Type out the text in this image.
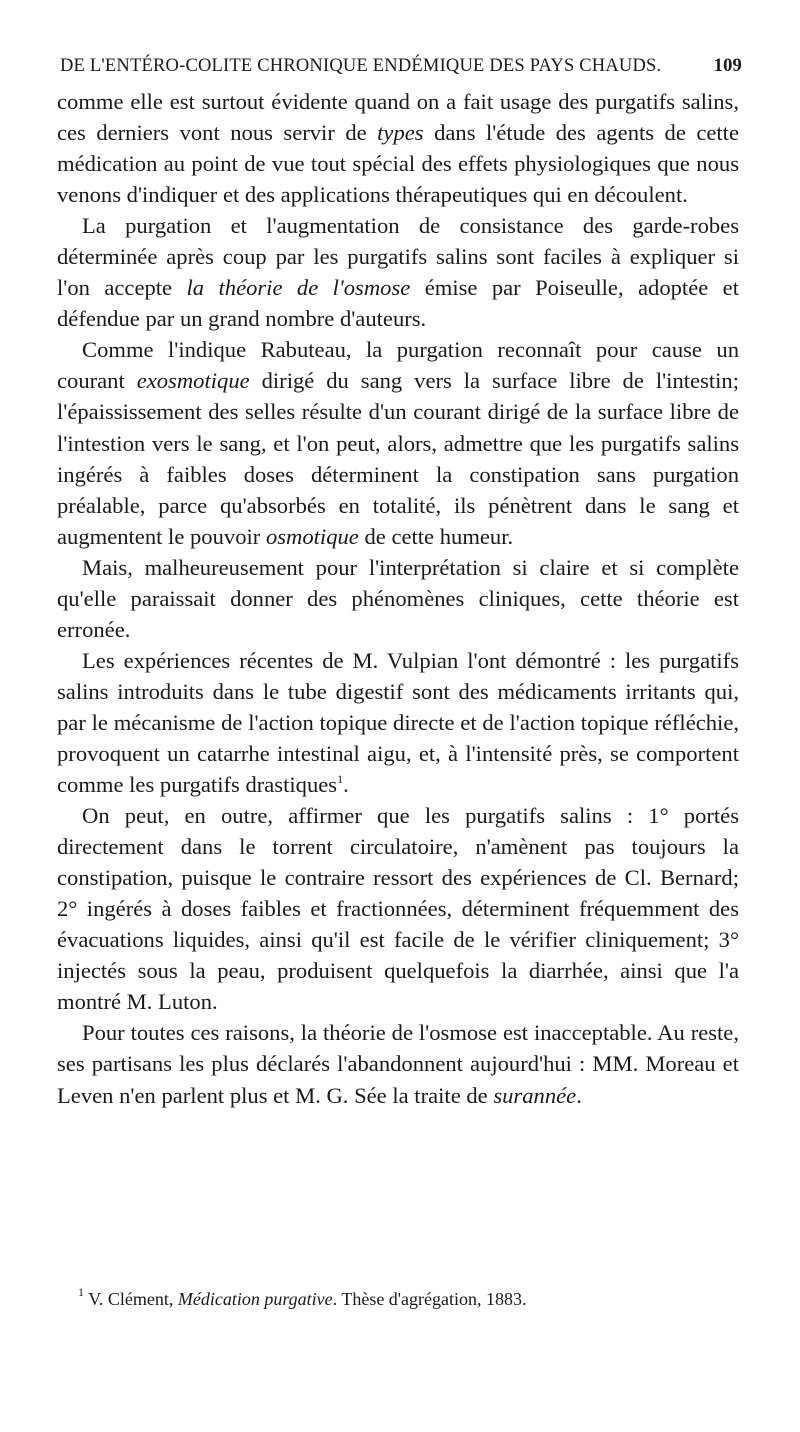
DE L'ENTÉRO-COLITE CHRONIQUE ENDÉMIQUE DES PAYS CHAUDS.	109

comme elle est surtout évidente quand on a fait usage des purgatifs salins, ces derniers vont nous servir de types dans l'étude des agents de cette médication au point de vue tout spécial des effets physiologiques que nous venons d'indiquer et des applications thérapeutiques qui en découlent.

La purgation et l'augmentation de consistance des garde-robes déterminée après coup par les purgatifs salins sont faciles à expliquer si l'on accepte la théorie de l'osmose émise par Poiseulle, adoptée et défendue par un grand nombre d'auteurs.

Comme l'indique Rabuteau, la purgation reconnaît pour cause un courant exosmotique dirigé du sang vers la surface libre de l'intestin; l'épaississement des selles résulte d'un courant dirigé de la surface libre de l'intestion vers le sang, et l'on peut, alors, admettre que les purgatifs salins ingérés à faibles doses déterminent la constipation sans purgation préalable, parce qu'absorbés en totalité, ils pénètrent dans le sang et augmentent le pouvoir osmotique de cette humeur.

Mais, malheureusement pour l'interprétation si claire et si complète qu'elle paraissait donner des phénomènes cliniques, cette théorie est erronée.

Les expériences récentes de M. Vulpian l'ont démontré : les purgatifs salins introduits dans le tube digestif sont des médicaments irritants qui, par le mécanisme de l'action topique directe et de l'action topique réfléchie, provoquent un catarrhe intestinal aigu, et, à l'intensité près, se comportent comme les purgatifs drastiques$^1$.

On peut, en outre, affirmer que les purgatifs salins : 1° portés directement dans le torrent circulatoire, n'amènent pas toujours la constipation, puisque le contraire ressort des expériences de Cl. Bernard; 2° ingérés à doses faibles et fractionnées, déterminent fréquemment des évacuations liquides, ainsi qu'il est facile de le vérifier cliniquement; 3° injectés sous la peau, produisent quelquefois la diarrhée, ainsi que l'a montré M. Luton.

Pour toutes ces raisons, la théorie de l'osmose est inacceptable. Au reste, ses partisans les plus déclarés l'abandonnent aujourd'hui : MM. Moreau et Leven n'en parlent plus et M. G. Sée la traite de surannée.

$^1$ V. Clément, Médication purgative. Thèse d'agrégation, 1883.
